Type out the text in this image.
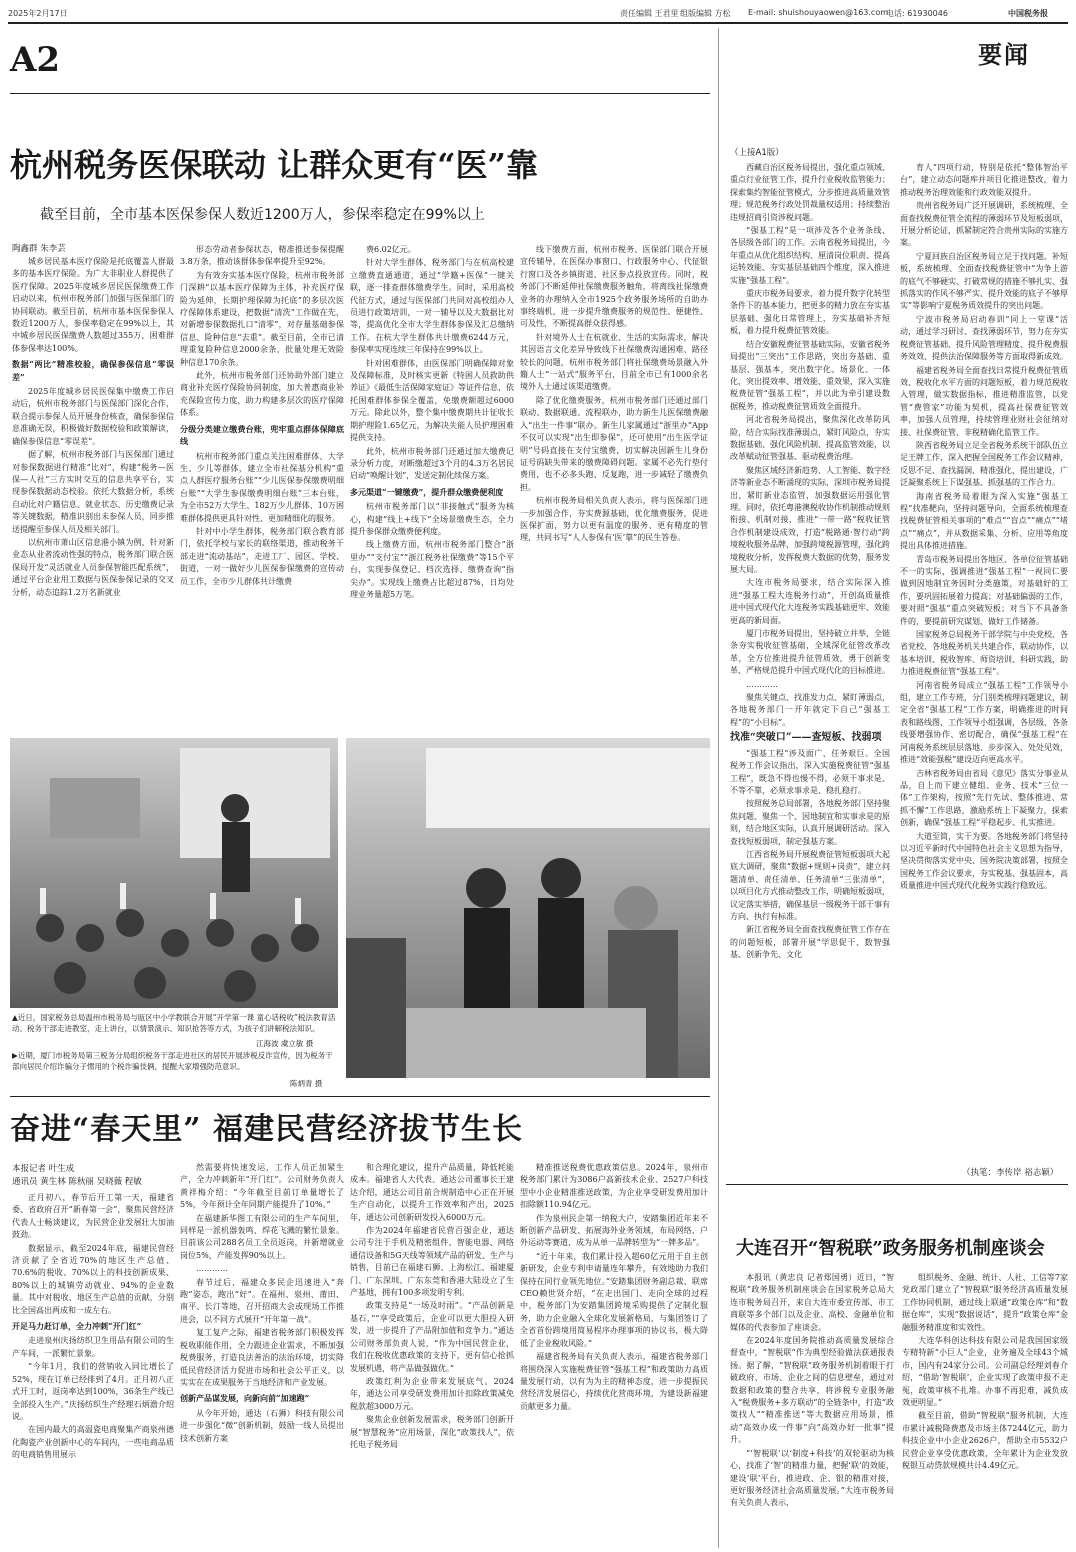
2025年2月17日	责任编辑 王君里 组版编辑 方松 E-mail: shuishouyaowen@163.com
电话: 61930046	中国税务报
A2	要闻
杭州税务医保联动 让群众更有“医”靠
截至目前，全市基本医保参保人数近1200万人，参保率稳定在99%以上
陶鑫群 朱李芸

城乡居民基本医疗保险是托底覆盖人群最多的基本医疗保险。为广大非职业人群提供了医疗保障。2025年度城乡居民医保缴费工作启动以来，杭州市税务部门加强与医保部门的协同联动。截至目前，杭州市基本医保参保人数近1200万人，参保率稳定在99%以上，其中城乡居民医保缴费人数超过355万，困难群体参保率达100%。

数据“两比”精准校验，确保参保信息“零误差”

2025年度城乡居民医保集中缴费工作启动后，杭州市税务部门与医保部门深化合作，联合提示参保人员开展身份核查，确保参保信息准确无误，积极做好数据校验和政策解读，确保参保信息“零误差”。

据了解，杭州市税务部门与医保部门通过对参保数据进行精准“比对”，构建“税务—医保—人社”三方实时交互的信息共享平台，实现参保数据动态校验。依托大数据分析，系统自动比对户籍信息、就业状态、历史缴费记录等关键数据，精准识别出未参保人员，同步推送提醒至参保人员及相关部门。

以杭州市萧山区信息港小镇为例，针对新业态从业者流动性强的特点，税务部门联合医保局开发“灵活就业人员参保智能匹配系统”，通过平台企业用工数据与医保参保记录的交叉分析，动态追踪1.2万名新就业

形态劳动者参保状态，精准推送参保提醒3.8万条，推动该群体参保率提升至92%。

为有效夯实基本医疗保险，杭州市税务部门深耕“以基本医疗保障为主体，补充医疗保险为延伸，长期护理保障为托底”的多层次医疗保障体系建设，把数据“清洗”工作做在先，对新增参保数据扎口“清零”，对存量基础参保信息、险种信息“去重”。截至目前，全市已清理重复险种信息2000余条，批量处理无效险种信息170余条。

此外，杭州市税务部门还协助外部门建立商业补充医疗保险协同制度，加大普惠商业补充保险宣传力度，助力构建多层次的医疗保障体系。

分级分类建立缴费台账，兜牢重点群体保障底线

杭州市税务部门重点关注困难群体、大学生、少儿等群体，建立全市社保基分机构“重点人群医疗服务台账”“少儿医保参保缴费明细台账”“大学生参保缴费明细台账”三本台账，为全市52万大学生、182万少儿群体、10万困难群体提供更具针对性、更加精细化的服务。

针对中小学生群体，税务部门联合教育部门，依托学校与家长的联络渠道，推动税务干部走进“流动基站”，走进工厂、园区、学校、街道，一对一做好少儿医保参保缴费的宣传动员工作，全市少儿群体共计缴费

费6.02亿元。

针对大学生群体，税务部门与在杭高校建立缴费直通通道，通过“学籍+医保”一键关联，逐一排查群体缴费学生。同时，采用高校代征方式，通过与医保部门共同对高校组办人员进行政策培训，一对一辅导以及大数据比对等，提高优化全市大学生群体参保及汇总缴纳工作。在杭大学生群体共计缴费6244万元，参保率实现连续三年保持在99%以上。

针对困难群体，由医保部门明确保障对象及保障标准，及时核实更新《特困人员救助供养证》《最低生活保障家庭证》等证件信息，依托困难群体参保全覆盖，免缴费额超过6000万元。除此以外，整个集中缴费期共计征收长期护理险1.65亿元，为解决失能人员护理困难提供支持。

此外，杭州市税务部门还通过加大缴费记录分析力度，对断缴超过3个月的4.3万名居民启动“唤醒计划”，发送定制化续保方案。

多元渠道“一键缴费”，提升群众缴费便利度

杭州市税务部门以“非接触式”服务为核心，构建“线上+线下”全场景缴费生态，全力提升参保群众缴费便利度。

线上缴费方面，杭州市税务部门整合“浙里办”“支付宝”“浙江税务社保缴费”等15个平台，实现参保登记、档次选择、缴费查询“指尖办”。实现线上缴费占比超过87%，日均处理业务量超5万笔。

线下缴费方面，杭州市税务、医保部门联合开展宣传辅导，在医保办事窗口、行政服务中心、代征银行窗口及各乡镇街道、社区参点投放宣传。同时，税务部门不断延伸社保缴费服务触角，将离线社保缴费业务的办理纳入全市1925个政务服务场所的自助办事终端机，进一步提升缴费服务的规范性、便捷性、可及性，不断提高群众获得感。

针对境外人士在杭就业、生活的实际需求，解决其因语言文化差异导致线下社保缴费沟通困难、路径较长的问题，杭州市税务部门将社保缴费场景融入外籍人士“一站式”服务平台，目前全市已有1000余名境外人士通过该渠道缴费。

除了优化缴费服务，杭州市税务部门还通过部门联动、数据联通、流程联办，助力新生儿医保缴费融入“出生一件事”联办。新生儿家属通过“浙里办”App不仅可以实现“出生即参保”，还可使用“出生医学证明”号码直接在支付宝缴费，切实解决因新生儿身份证号码缺失带来的缴费障碍问题。家属不必先行垫付费用，也不必多头跑、反复跑，进一步减轻了缴费负担。

杭州市税务局相关负责人表示，将与医保部门进一步加强合作，夯实费源基础，优化缴费服务，促进医保扩面，努力以更有温度的服务、更有精度的管理，共同书写“人人参保有‘医’靠”的民生答卷。

▲近日，国家税务总局温州市税务局与瓯区中小学教联合开展“开学第一课 童心话税收”税法教育活动。税务干部走进教室，走上讲台，以情景演示、知识抢答等方式，为孩子们讲解税法知识。
江海波 虞立敏 摄
▶近期，厦门市税务局第三税务分局组织税务干部走进社区的居民开展涉税反诈宣传，因为税务干部向居民介绍诈骗分子惯用的个税诈骗伎俩，提醒大家增强防范意识。
陈炳青 摄
奋进“春天里” 福建民营经济拔节生长
本报记者 叶生成
通讯员 黄生林 陈秋丽 吴晓薇 程敏

正月初八，春节后开工第一天，福建省委、省政府召开“新春第一会”，聚焦民营经济代表人士畅谈建议，为民营企业发展壮大加油鼓劲。

数据显示，截至2024年底，福建民营经济贡献了全省近70%的地区生产总值、70.6%的税收、70%以上的科技创新成果、80%以上的城镇劳动就业、94%的企业数量。其中对税收、地区生产总值的贡献，分别比全国高出两成和一成左右。

开足马力赶订单，全力冲刺“开门红”

走进泉州庆扬纺织卫生用品有限公司的生产车间，一派繁忙景象。

“今年1月，我们的营销收入同比增长了52%，现在订单已经排到了4月。正月初八正式开工时，返岗率达到100%，36条生产线已全部投入生产。”庆扬纺织生产经理石炳澹介绍说。

在国内最大的高温瓷电商聚集产商泉州德化陶瓷产业创新中心的车间内，一些电商品质的电商销售用展示

然需要将快速发运，工作人员正加紧生产，全力冲刺新年“开门红”。公司财务负责人黄祥梅介绍：“今年截至目前订单量增长了5%，今年预计全年同期产能提升了10%。”

在福建新华图工有限公司的生产车间里，同样是一派机器轰鸣、焊花飞溅的繁忙景象。目前该公司288名员工全员返岗，并新增就业岗位5%，产能发挥90%以上。

…………

春节过后，福建众多民企迅速进入“奔跑”姿态，跑出“好”。在福州、泉州、莆田、南平、长汀等地，召开招商大会或现场工作推进会，以不同方式展开“开年第一战”。

复工复产之际，福建省税务部门积极发挥税收职能作用，全力跟进企业需求，不断加强税费服务，打造良法善治的法治环境，切实降低民营经济活力促进市场和社会公平正义，以实实在在成果服务于当地经济和产业发展。

创新产品谋发展，向新向前“加速跑”

从今年开始，通达（石狮）科技有限公司进一步强化“微”创新机制，鼓励一线人员提出技术创新方案

和合理化建议，提升产品质量，降低耗能成本。福建省人大代表、通达公司董事长王建达介绍，通达公司目前合规制造中心正在开展生产自动化，以提升工作效率和产出，2025年，通达公司创新研发投入6000万元。

作为2024年福建省民营百强企业，通达公司专注于手机及精密组件、智能电器、网络通信设备和5G天线等领域产品的研发、生产与销售，目前已在福建石狮、上海松江、福建厦门、广东深圳、广东东莞和香港大陆设立了生产基地，拥有100多项发明专利。

政策支持是“一场及时雨”。“产品创新是基石，”“享受政策后，企业可以更大胆投入研发，进一步提升了产品附加值和竞争力。”通达公司财务部负责人说，“作为中国民营企业，我们在税收优惠政策的支持下，更有信心抢抓发展机遇，将产品做强做优。”

政策红利为企业带来发展底气。2024年，通达公司享受研发费用加计扣除政策减免税款超3000万元。

聚焦企业创新发展需求，税务部门创新开展“智慧税务”应用场景，深化“政策找人”，依托电子税务局

精准推送税费优惠政策信息。2024年，泉州市税务部门累计为3086户高新技术企业、2527户科技型中小企业精准推送政策，为企业享受研发费用加计扣除额110.94亿元。

作为泉州民企第一纳税大户，安踏集团近年来不断创新产品研发、拓展海外业务领域，布局网络、户外运动等赛道，成为从单一品牌转型为“一牌多品”。

“近十年来，我们累计投入超60亿元用于自主创新研发，企业专利申请量连年攀升，有效地助力我们保持在同行业领先地位。”安踏集团财务副总裁、联席CEO赖世贤介绍，“在走出国门、走向全球的过程中，税务部门为安踏集团跨境采购提供了定制化服务，助力企业融入全球化发展新格局，与集团签订了全省首份跨境用简易程序办理事项的协议书，极大降低了企业税收风险。”

福建省税务局有关负责人表示，福建省税务部门将围绕深入实施税费征管“强基工程”和政策助力高质量发展行动，以有为为主的精神态度，进一步提振民营经济发展信心，持续优化营商环境，为建设新福建贡献更多力量。

（上接A1版）

西藏自治区税务局提出，强化重点领域、重点行业征管工作，提升行业税收监管能力；探索集约智能征管模式，分步推进高质量效管理；规范税务行政处罚裁量权适用；持续整治违规招商引资涉税问题。

“强基工程”是一项涉及各个业务条线、各层级各部门的工作。云南省税务局提出，今年重点从优化组织结构、厘清岗位职责、提高运转效能、夯实基层基础四个维度，深入推进实施“强基工程”。

重庆市税务局要求，着力提升数字化转型条件下的基本能力，把更多的精力放在夯实基层基础、强化日常管理上，夯实基础补齐短板，着力提升税费征管效能。

结合安徽税费征管基础实际，安徽省税务局提出“三突出”工作思路，突出夯基础、重基层、强基本，突出数字化、场景化、一体化，突出提效率、增效能、重效果，深入实施税费征管“强基工程”，并以此为牵引建设数据税务，推动税费征管质效全面提升。

河北省税务局提出，聚焦深化改革防风险，结合实际找准薄弱点，紧盯风险点，夯实数据基础、强化风险机制、提高监管效能，以改革赋动征管强基、驱动税费治理。

聚焦区域经济新趋势、人工智能、数字经济等新业态不断涌现的实际，深圳市税务局提出，紧盯新业态监管，加强数据运用强化管理。同时，依托粤港澳税收协作机制推动规则衔接、机制对接，推进“一带一路”税收征管合作机制建设成效，打造“税路通·智行动”跨境税收服务品牌，加强跨境税源管理，强化跨境税收分析，发挥税费大数据的优势，服务发展大局。

大连市税务局要求，结合实际深入推进“强基工程大连税务行动”，开创高质量推进中国式现代化大连税务实践基础更牢、效能更高的新局面。

厦门市税务局提出，坚持破立并举，全链条夯实税收征管基础，全域深化征管改革改革，全方位推进提升征管质效，勇于创新变革、严格规范提升中国式现代化的目标推进。

…………

聚焦关键点、找准发力点、紧盯薄弱点，各地税务部门一开年就定下自己“强基工程”的“小目标”。

找准“突破口”——查短板、找弱项

“强基工程”涉及面广、任务艰巨。全国税务工作会议指出，深入实施税费征管“强基工程”，既急不得也慢不得，必须干事求是、不等不靠，必须求事求是、稳扎稳打。

按照税务总局部署，各地税务部门坚持聚焦问题、聚焦一个、因地制宜和实事求是的原则，结合地区实际，认真开展调研活动。深入查找短板弱项，制定强基方案。

江西省税务局开展税费征管短板弱项大起底大调研，聚焦“数据+规则+岗责”，建立问题清单、责任清单、任务清单“三张清单”，以项目化方式推动整改工作，明确短板弱项，议定落实举措，确保基层一级税务干部干事有方向、执行有标准。

新江省税务局全面查找税费征管工作存在的问题短板，部署开展“学思促干、数智强基、创新争先、文化

育人”四项行动，特别是依托“整体智治平台”，建立动态问题库并项目化推进整改，着力推动税务治理效能和行政效能双提升。

贵州省税务局广泛开展调研，系统梳理、全面查找税费征管全流程的薄弱环节及短板弱项，开展分析论证，抓紧制定符合贵州实际的实施方案。

宁夏回族自治区税务局立足于找问题、补短板，系统梳理、全面查找税费征管中“为争上游的底气不够硬实、打破常规的措施不够扎实、强抓落实的作风不够严实、提升效能的底子不够厚实”等影响宁夏税务质效提升的突出问题。

宁波市税务局启动春训“同上一堂课”活动，通过学习研讨、查找薄弱环节，努力在夯实税费征管基础、提升风险管理精度、提升税费服务效效、提供法治保障服务等方面取得新成效。

福建省税务局全面查找日常提升税费征管质效、税收化水平方面的问题短板，着力规范税收入管理，做实数据指标，推进精准监管，以党管“费管家”功能为契机，提高社保费征管效率，加强人员管理，持续管理业财社会征纳对接、社保费征管、非税精确化监管工作。

陕西省税务局立足全省税务系统干部队伍立足王牌工作，深入把握全国税务工作会议精神，反思不足、查找漏洞、精准强化，提出建设，广泛凝聚系统上下谋强基、抓强基的工作合力。

海南省税务局着眼为深入实施“强基工程”找准靶向，坚持问题导向，全面系统梳理查找税费征管相关事项的“难点”“盲点”“痛点”“堵点”“痛点”，并从数据采集、分析、应用等角度提出具体推进措施。

青岛市税务局提出各地区、各单位征管基础不一的实际，强调推进“强基工程”一视同仁要做到因地制宜务因时分类施策，对基础好的工作，要巩固拓展着力提高；对基础偏弱的工作，要对照“强基”重点突破短板；对当下不具备条件的，要提前研究谋划、做好工作储备。

国家税务总局税务干部学院与中央党校、各省党校、各地税务机关共建合作，联动协作，以基本培训、税收智库、师资培训、科研实践，助力推进税费征管“强基工程”。

河南省税务局成立“强基工程”工作领导小组，建立工作专班，分门别类梳理问题建议，制定全省“强基工程”工作方案，明确推进的时间表和路线图，工作领导小组强调，各层级、各条线要增强协作、密切配合，确保“强基工程”在河南税务系统层层落地、步步深入、处处见效，推进“效能强税”建设迈向更高水平。

吉林省税务局由省局《意见》落实分事业从品，自上而下建立健组、业务、技术“三位一体”工作架构，按照“先行先试、整体推进、常抓不懈”工作思路，激励系统上下凝聚力，探索创新，确保“强基工程”平稳起步、扎实推进。

大道至简，实干为要。各地税务部门将坚持以习近平新时代中国特色社会主义思想为指导，坚决贯彻落实党中央、国务院决策部署，按照全国税务工作会议要求，夯实税基、强基固本，高质量推进中国式现代化税务实践行稳致远。

（执笔：李传岸 裕志颖）
大连召开“智税联”政务服务机制座谈会

本报讯（黄忠良 记者郑国勇）近日，“智税联”政务服务机制座谈会在国家税务总局大连市税务局召开，来自大连市委宣传部、市工商联等多个部门以及企业、高校、金融单位和媒体的代表参加了座谈会。

在2024年度国务院推动高质量发展综合督查中，“智税联”作为典型经验做法获通报表扬。据了解，“智税联”政务服务机制着眼于打破政府、市场、企业之间的信息壁垒，通过对数据和政策的整合共享，将涉税专业服务融入“税费服务+多方联动”的全链条中，打造“政策找人”“精准推送”等大数据应用场景，推动“高效办成一件事”向“高效办好一批事”提升。

“‘智税联’以‘制度+科技’的双轮驱动为核心，找准了‘智’的精准力量，把握‘联’的效能，建设‘联’平台，推进政、企、银的精准对接，更好服务经济社会高质量发展。”大连市税务局有关负责人表示，

组织税务、金融、统计、人社、工信等7家党政部门建立了“智税联”服务经济高质量发展工作协同机制，通过线上联通“政策仓库”和“数据仓库”，实现“数据说话”，提升“政策仓库”金融服务精准度和实效性。

大连华科创达科技有限公司是我国国家级专精特新“小巨人”企业，业务遍及全球43个城市，国内有24家分公司。公司副总经理刘春介绍，“借助‘智税联’，企业实现了政策申报不走冤，政策审核不扎堆。办事不再犯难，减负成效更明显。”

截至目前，借助“智税联”服务机制，大连市累计减税降费惠及市场主体7244亿元，助力科技企业中小企业2626户，帮助全市5532户民营企业享受优惠政策，全年累计为企业发放税银互动贷款规模共计4.49亿元。
